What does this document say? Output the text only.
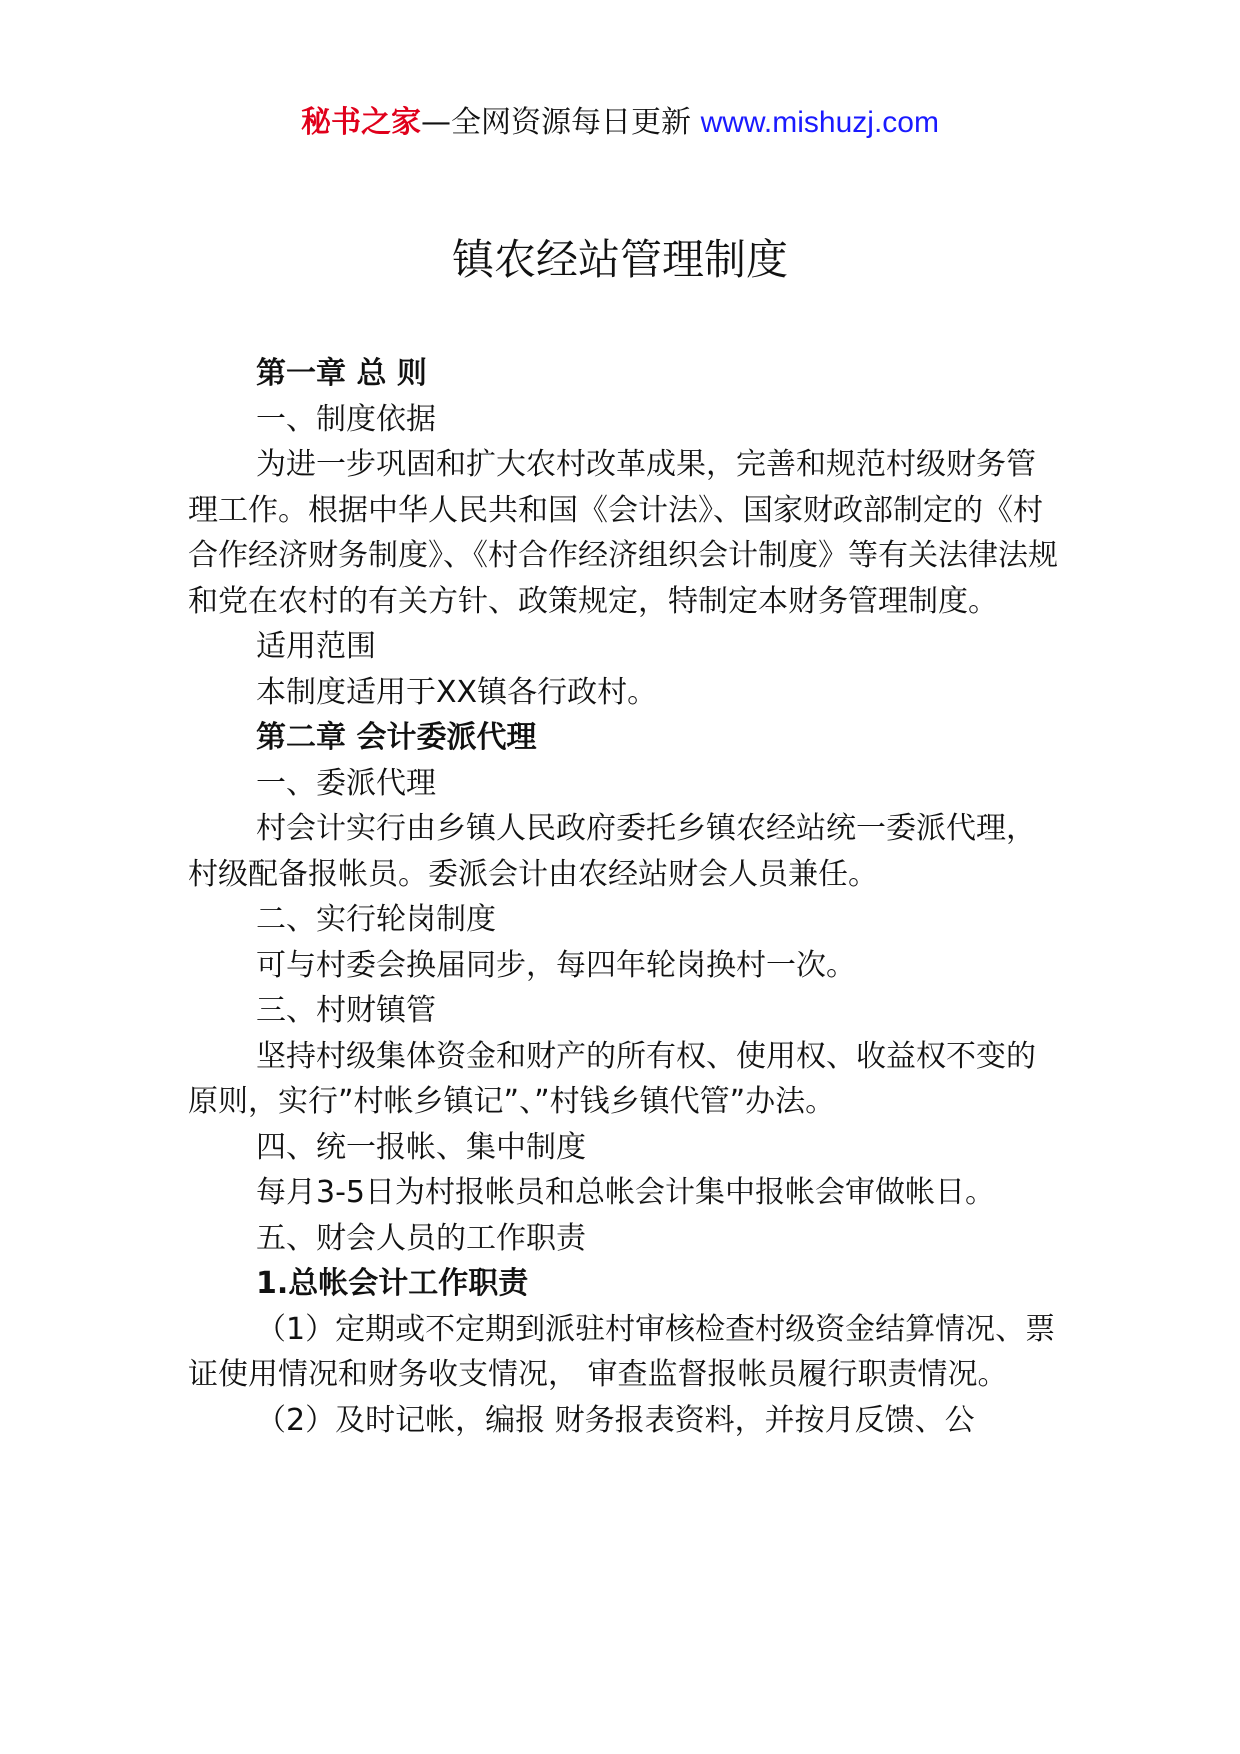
秘书之家—全网资源每日更新 www.mishuzj.com
镇农经站管理制度

第一章 总 则

一、制度依据

为进一步巩固和扩大农村改革成果，完善和规范村级财务管理工作。根据中华人民共和国《会计法》、国家财政部制定的《村合作经济财务制度》、《村合作经济组织会计制度》等有关法律法规和党在农村的有关方针、政策规定，特制定本财务管理制度。

适用范围

本制度适用于XX镇各行政村。

第二章 会计委派代理

一、委派代理

村会计实行由乡镇人民政府委托乡镇农经站统一委派代理，村级配备报帐员。委派会计由农经站财会人员兼任。

二、实行轮岗制度

可与村委会换届同步，每四年轮岗换村一次。

三、村财镇管

坚持村级集体资金和财产的所有权、使用权、收益权不变的原则，实行”村帐乡镇记”、”村钱乡镇代管”办法。

四、统一报帐、集中制度

每月3-5日为村报帐员和总帐会计集中报帐会审做帐日。

五、财会人员的工作职责

1.总帐会计工作职责

（1）定期或不定期到派驻村审核检查村级资金结算情况、票证使用情况和财务收支情况， 审查监督报帐员履行职责情况。

（2）及时记帐，编报 财务报表资料，并按月反馈、公
